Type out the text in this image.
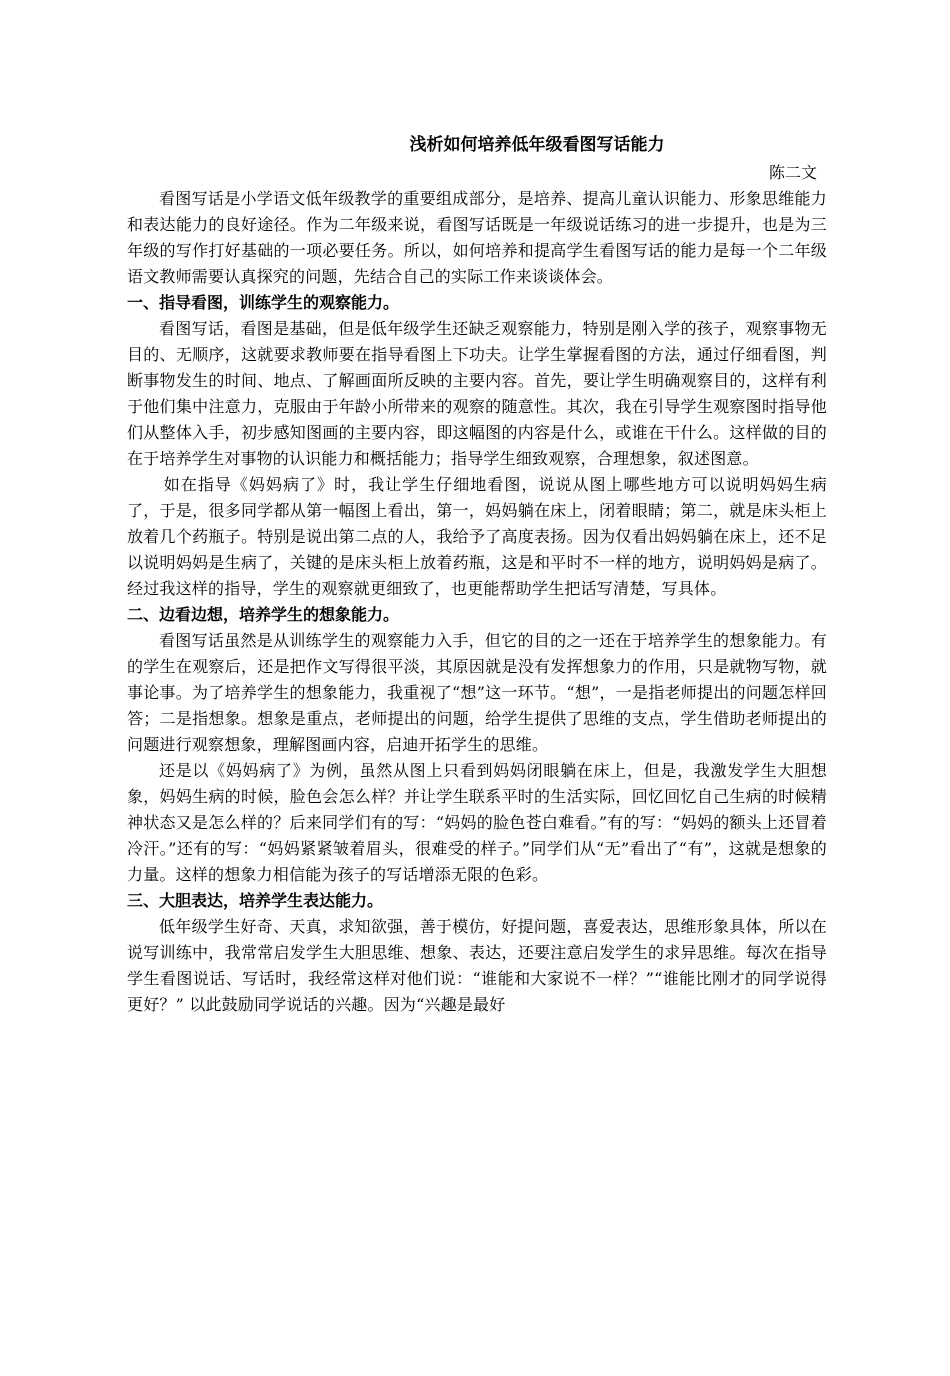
浅析如何培养低年级看图写话能力

陈二文

看图写话是小学语文低年级教学的重要组成部分，是培养、提高儿童认识能力、形象思维能力和表达能力的良好途径。作为二年级来说，看图写话既是一年级说话练习的进一步提升，也是为三年级的写作打好基础的一项必要任务。所以，如何培养和提高学生看图写话的能力是每一个二年级语文教师需要认真探究的问题，先结合自己的实际工作来谈谈体会。

一、指导看图，训练学生的观察能力。

看图写话，看图是基础，但是低年级学生还缺乏观察能力，特别是刚入学的孩子，观察事物无目的、无顺序，这就要求教师要在指导看图上下功夫。让学生掌握看图的方法，通过仔细看图，判断事物发生的时间、地点、了解画面所反映的主要内容。首先，要让学生明确观察目的，这样有利于他们集中注意力，克服由于年龄小所带来的观察的随意性。其次，我在引导学生观察图时指导他们从整体入手，初步感知图画的主要内容，即这幅图的内容是什么，或谁在干什么。这样做的目的在于培养学生对事物的认识能力和概括能力；指导学生细致观察，合理想象，叙述图意。

如在指导《妈妈病了》时，我让学生仔细地看图，说说从图上哪些地方可以说明妈妈生病了，于是，很多同学都从第一幅图上看出，第一，妈妈躺在床上，闭着眼睛；第二，就是床头柜上放着几个药瓶子。特别是说出第二点的人，我给予了高度表扬。因为仅看出妈妈躺在床上，还不足以说明妈妈是生病了，关键的是床头柜上放着药瓶，这是和平时不一样的地方，说明妈妈是病了。经过我这样的指导，学生的观察就更细致了，也更能帮助学生把话写清楚，写具体。

二、边看边想，培养学生的想象能力。

看图写话虽然是从训练学生的观察能力入手，但它的目的之一还在于培养学生的想象能力。有的学生在观察后，还是把作文写得很平淡，其原因就是没有发挥想象力的作用，只是就物写物，就事论事。为了培养学生的想象能力，我重视了“想”这一环节。“想”，一是指老师提出的问题怎样回答；二是指想象。想象是重点，老师提出的问题，给学生提供了思维的支点，学生借助老师提出的问题进行观察想象，理解图画内容，启迪开拓学生的思维。

还是以《妈妈病了》为例，虽然从图上只看到妈妈闭眼躺在床上，但是，我激发学生大胆想象，妈妈生病的时候，脸色会怎么样？并让学生联系平时的生活实际，回忆回忆自己生病的时候精神状态又是怎么样的？后来同学们有的写：“妈妈的脸色苍白难看。”有的写：“妈妈的额头上还冒着冷汗。”还有的写：“妈妈紧紧皱着眉头，很难受的样子。”同学们从“无”看出了“有”，这就是想象的力量。这样的想象力相信能为孩子的写话增添无限的色彩。

三、大胆表达，培养学生表达能力。

低年级学生好奇、天真，求知欲强，善于模仿，好提问题，喜爱表达，思维形象具体，所以在说写训练中，我常常启发学生大胆思维、想象、表达，还要注意启发学生的求异思维。每次在指导学生看图说话、写话时，我经常这样对他们说：“谁能和大家说不一样？”“谁能比刚才的同学说得更好？” 以此鼓励同学说话的兴趣。因为“兴趣是最好
